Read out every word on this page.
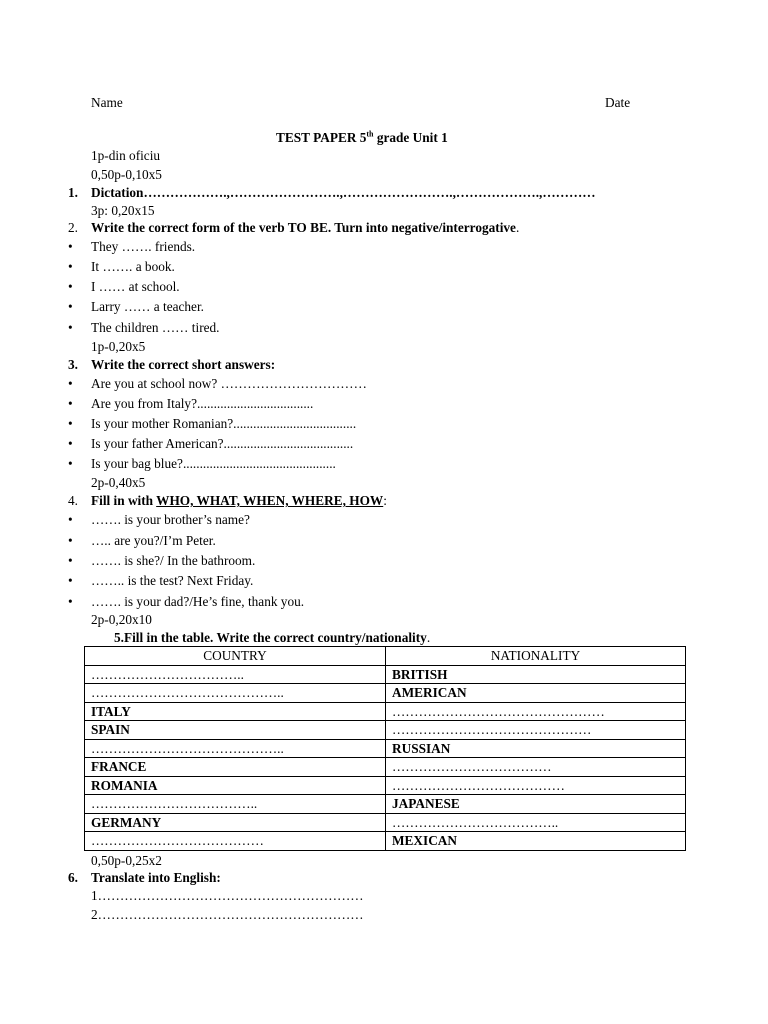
Name	Date
TEST PAPER 5th grade Unit 1
1p-din oficiu
0,50p-0,10x5
1. Dictation……………….,…………………….,…………………….,……………….,…………
3p: 0,20x15
2. Write the correct form of the verb TO BE. Turn into negative/interrogative.
They ……. friends.
It ……. a book.
I …… at school.
Larry …… a teacher.
The children …… tired.
1p-0,20x5
3. Write the correct short answers:
Are you at school now? ……………………………
Are you from Italy?...................................
Is your mother Romanian?.....................................
Is your father American?.......................................
Is your bag blue?..............................................
2p-0,40x5
4. Fill in with WHO, WHAT, WHEN, WHERE, HOW:
……. is your brother’s name?
….. are you?/I’m Peter.
……. is she?/ In the bathroom.
…….. is the test? Next Friday.
……. is your dad?/He’s fine, thank you.
2p-0,20x10
5.Fill in the table. Write the correct country/nationality.
COUNTRY	NATIONALITY
……………………………..	BRITISH
……………………………………..	AMERICAN
ITALY	…………………………………………
SPAIN	………………………………………
……………………………………..	RUSSIAN
FRANCE	………………………………
ROMANIA	…………………………………
………………………………..	JAPANESE
GERMANY	………………………………..
…………………………………	MEXICAN
0,50p-0,25x2
6. Translate into English:
1……………………………………………………
2……………………………………………………
